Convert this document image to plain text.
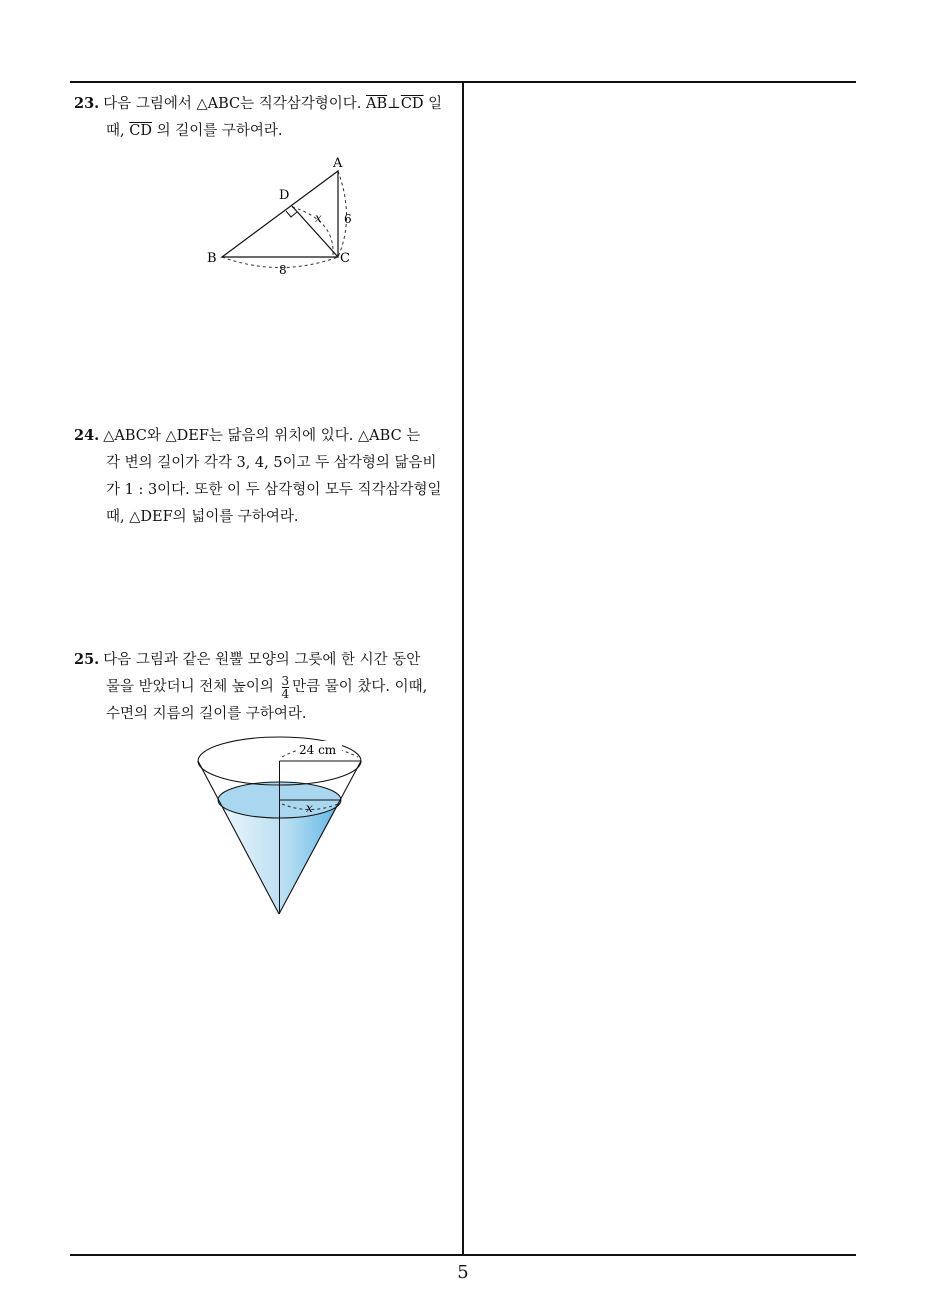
23. 다음 그림에서 △ABC는 직각삼각형이다. $\overline{AB}\perp\overline{CD}$ 일
때, $\overline{CD}$ 의 길이를 구하여라.
A
D
B	C
x 6
8
24. △ABC와 △DEF는 닮음의 위치에 있다. △ABC 는
각 변의 길이가 각각 3, 4, 5이고 두 삼각형의 닮음비
가 1 : 3이다. 또한 이 두 삼각형이 모두 직각삼각형일
때, △DEF의 넓이를 구하여라.
25. 다음 그림과 같은 원뿔 모양의 그릇에 한 시간 동안
물을 받았더니 전체 높이의 $\frac{3}{4}$ 만큼 물이 찼다. 이때,
수면의 지름의 길이를 구하여라.
24 cm
x
5
